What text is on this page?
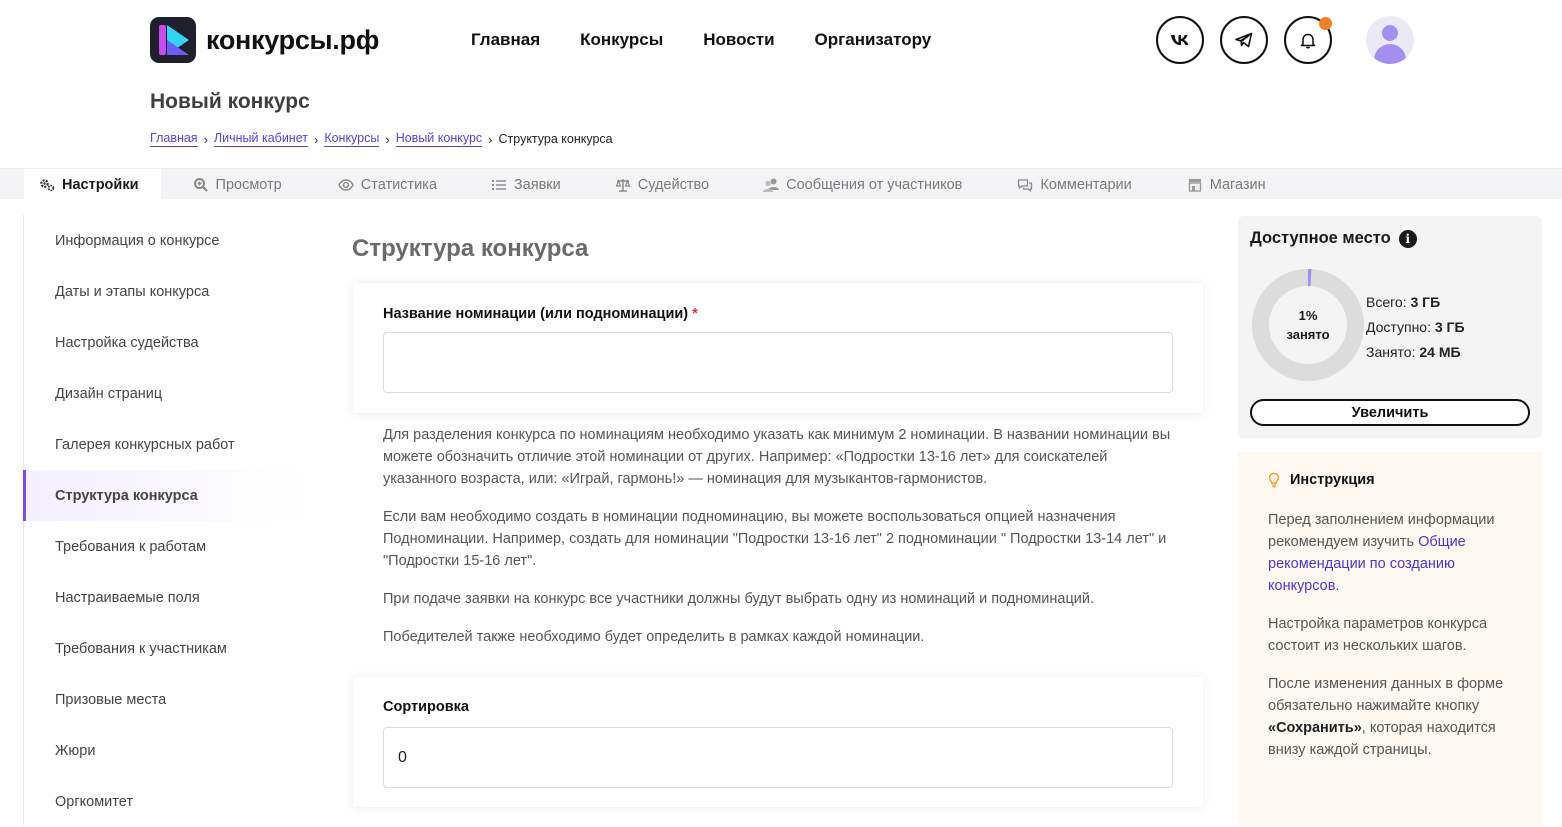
конкурсы.рф	Главная Конкурсы Новости Организатору
Новый конкурс
Главная › Личный кабинет › Конкурсы › Новый конкурс › Структура конкурса
Настройки	Просмотр	Статистика	Заявки	Судейство	Сообщения от участников	Комментарии	Магазин
Информация о конкурсе
Даты и этапы конкурса
Настройка судейства
Дизайн страниц
Галерея конкурсных работ
Структура конкурса
Требования к работам
Настраиваемые поля
Требования к участникам
Призовые места
Жюри
Оргкомитет
Структура конкурса
Название номинации (или подноминации) *

Для разделения конкурса по номинациям необходимо указать как минимум 2 номинации. В названии номинации вы можете обозначить отличие этой номинации от других. Например: «Подростки 13-16 лет» для соискателей указанного возраста, или: «Играй, гармонь!» — номинация для музыкантов-гармонистов.

Если вам необходимо создать в номинации подноминацию, вы можете воспользоваться опцией назначения Подноминации. Например, создать для номинации "Подростки 13-16 лет" 2 подноминации " Подростки 13-14 лет" и "Подростки 15-16 лет".

При подаче заявки на конкурс все участники должны будут выбрать одну из номинаций и подноминаций.

Победителей также необходимо будет определить в рамках каждой номинации.

Сортировка
0
Доступное место	i
1%
занято
Всего: 3 ГБ
Доступно: 3 ГБ
Занято: 24 МБ
Увеличить
Инструкция

Перед заполнением информации рекомендуем изучить Общие рекомендации по созданию конкурсов.

Настройка параметров конкурса состоит из нескольких шагов.

После изменения данных в форме обязательно нажимайте кнопку «Сохранить», которая находится внизу каждой страницы.
